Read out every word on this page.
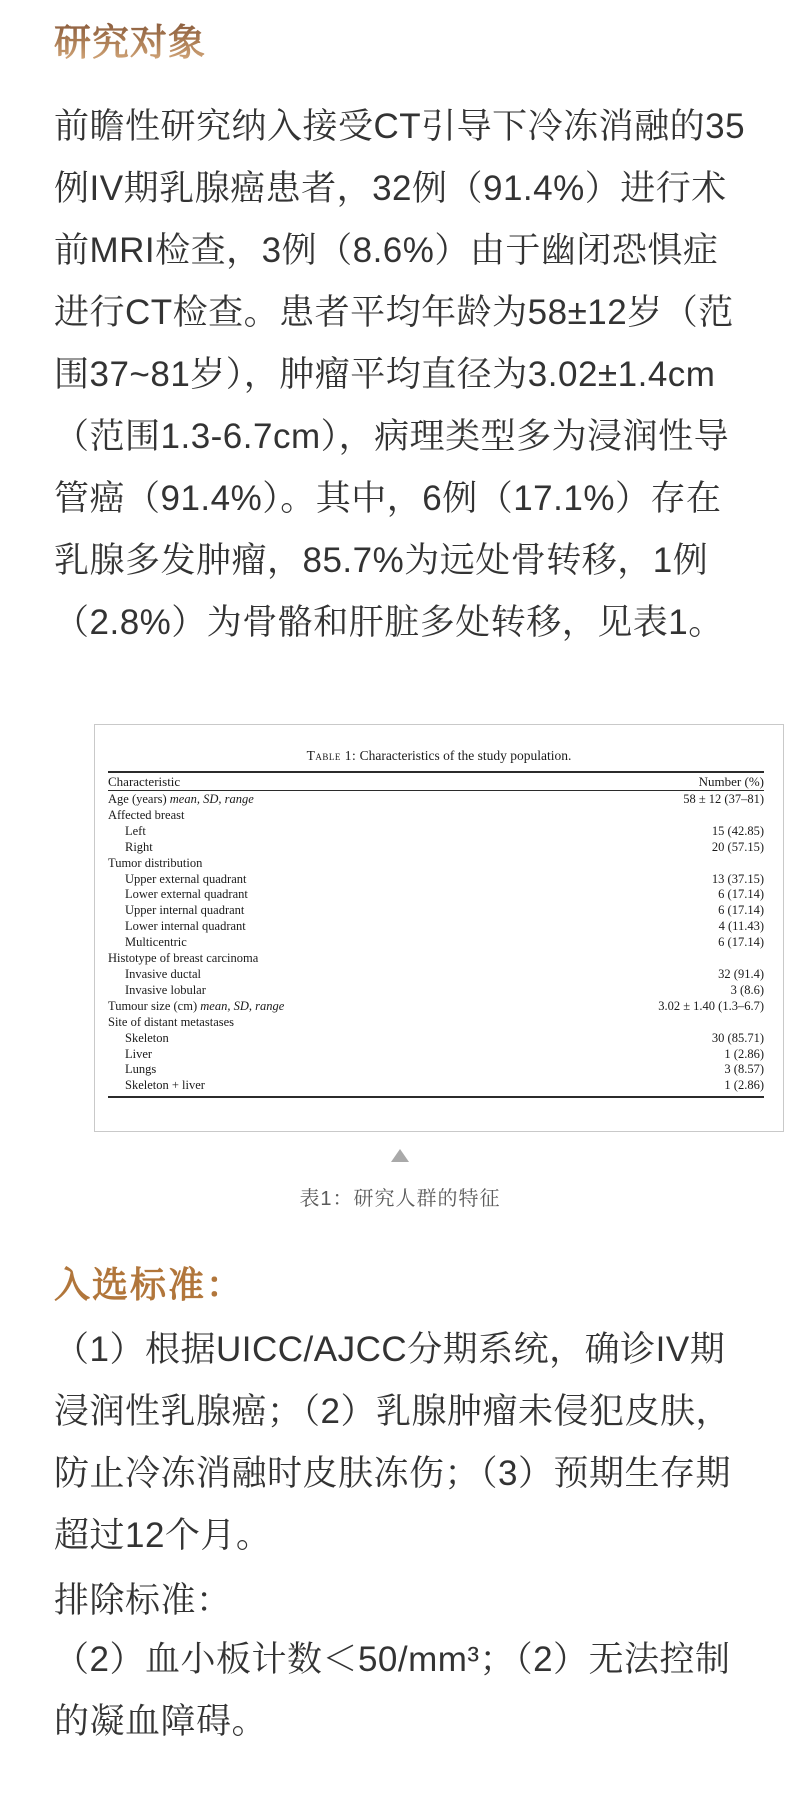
研究对象

前瞻性研究纳入接受CT引导下冷冻消融的35例IV期乳腺癌患者，32例（91.4%）进行术前MRI检查，3例（8.6%）由于幽闭恐惧症进行CT检查。患者平均年龄为58±12岁（范围37~81岁），肿瘤平均直径为3.02±1.4cm（范围1.3-6.7cm），病理类型多为浸润性导管癌（91.4%）。其中，6例（17.1%）存在乳腺多发肿瘤，85.7%为远处骨转移，1例（2.8%）为骨骼和肝脏多处转移，见表1。

Table 1: Characteristics of the study population.
Characteristic	Number (%)
Age (years) mean, SD, range	58 ± 12 (37–81)
Affected breast
Left	15 (42.85)
Right	20 (57.15)
Tumor distribution
Upper external quadrant	13 (37.15)
Lower external quadrant	6 (17.14)
Upper internal quadrant	6 (17.14)
Lower internal quadrant	4 (11.43)
Multicentric	6 (17.14)
Histotype of breast carcinoma
Invasive ductal	32 (91.4)
Invasive lobular	3 (8.6)
Tumour size (cm) mean, SD, range	3.02 ± 1.40 (1.3–6.7)
Site of distant metastases
Skeleton	30 (85.71)
Liver	1 (2.86)
Lungs	3 (8.57)
Skeleton + liver	1 (2.86)

表1：研究人群的特征

入选标准：

（1）根据UICC/AJCC分期系统，确诊IV期浸润性乳腺癌；（2）乳腺肿瘤未侵犯皮肤，防止冷冻消融时皮肤冻伤；（3）预期生存期超过12个月。

排除标准：

（2）血小板计数＜50/mm³；（2）无法控制的凝血障碍。
